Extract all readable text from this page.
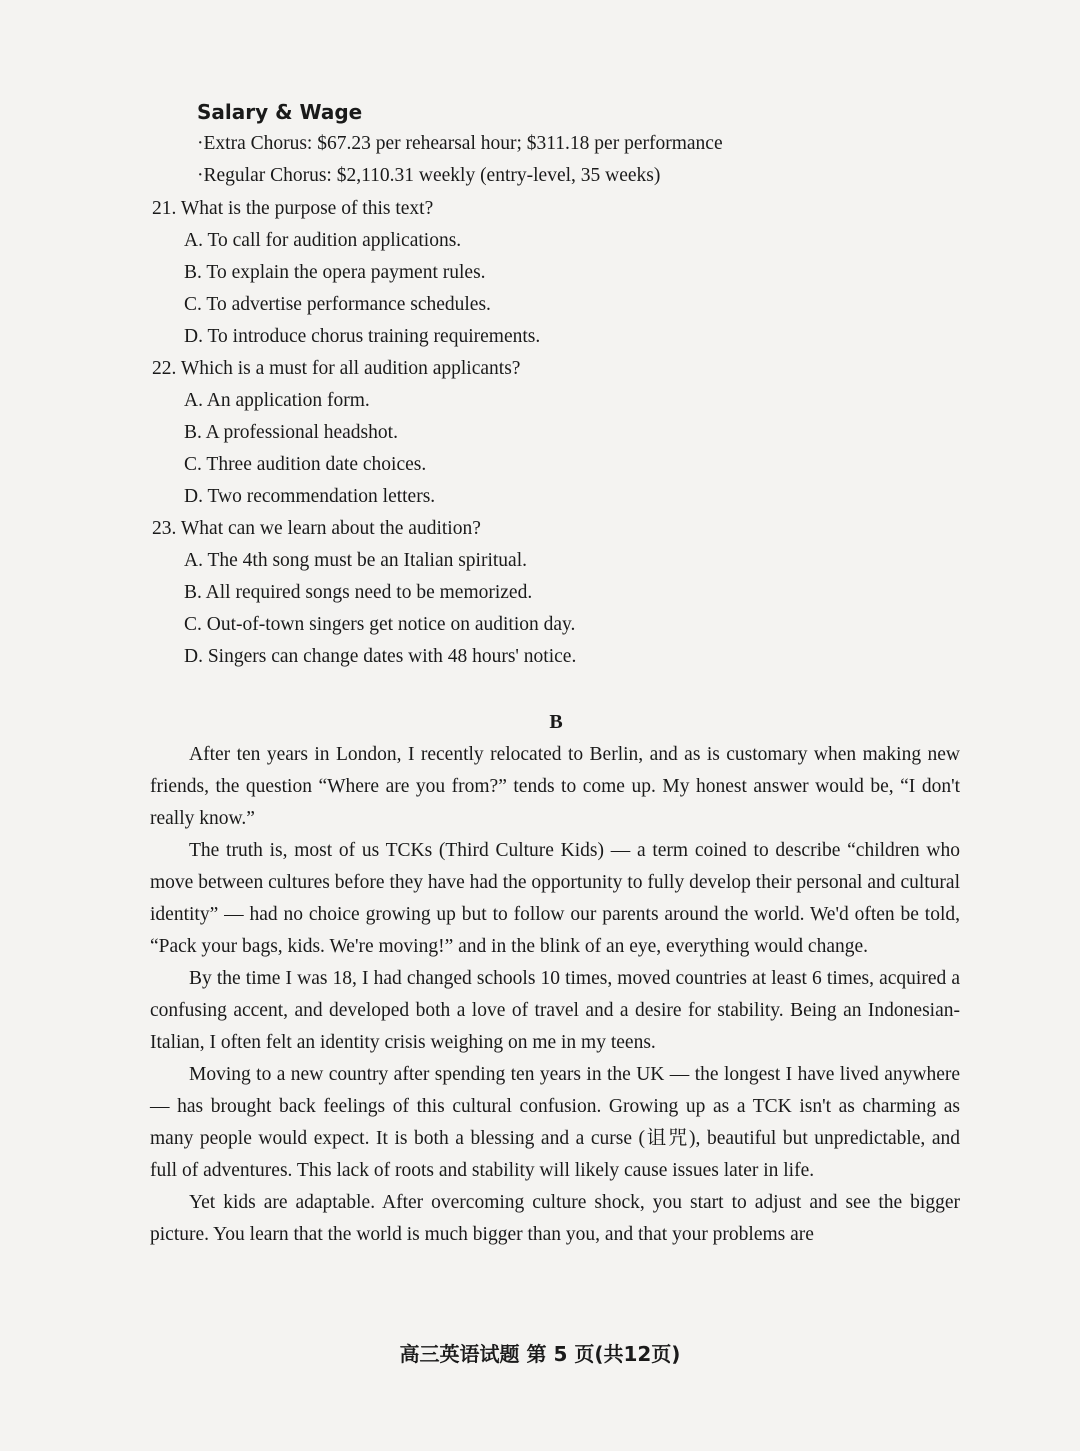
Salary & Wage
·Extra Chorus: $67.23 per rehearsal hour; $311.18 per performance
·Regular Chorus: $2,110.31 weekly (entry-level, 35 weeks)
21. What is the purpose of this text?
A. To call for audition applications.
B. To explain the opera payment rules.
C. To advertise performance schedules.
D. To introduce chorus training requirements.
22. Which is a must for all audition applicants?
A. An application form.
B. A professional headshot.
C. Three audition date choices.
D. Two recommendation letters.
23. What can we learn about the audition?
A. The 4th song must be an Italian spiritual.
B. All required songs need to be memorized.
C. Out-of-town singers get notice on audition day.
D. Singers can change dates with 48 hours' notice.
B

After ten years in London, I recently relocated to Berlin, and as is customary when making new friends, the question “Where are you from?” tends to come up. My honest answer would be, “I don't really know.”

The truth is, most of us TCKs (Third Culture Kids) — a term coined to describe “children who move between cultures before they have had the opportunity to fully develop their personal and cultural identity” — had no choice growing up but to follow our parents around the world. We'd often be told, “Pack your bags, kids. We're moving!” and in the blink of an eye, everything would change.

By the time I was 18, I had changed schools 10 times, moved countries at least 6 times, acquired a confusing accent, and developed both a love of travel and a desire for stability. Being an Indonesian-Italian, I often felt an identity crisis weighing on me in my teens.

Moving to a new country after spending ten years in the UK — the longest I have lived anywhere — has brought back feelings of this cultural confusion. Growing up as a TCK isn't as charming as many people would expect. It is both a blessing and a curse (诅咒), beautiful but unpredictable, and full of adventures. This lack of roots and stability will likely cause issues later in life.

Yet kids are adaptable. After overcoming culture shock, you start to adjust and see the bigger picture. You learn that the world is much bigger than you, and that your problems are

高三英语试题 第 5 页(共12页)
